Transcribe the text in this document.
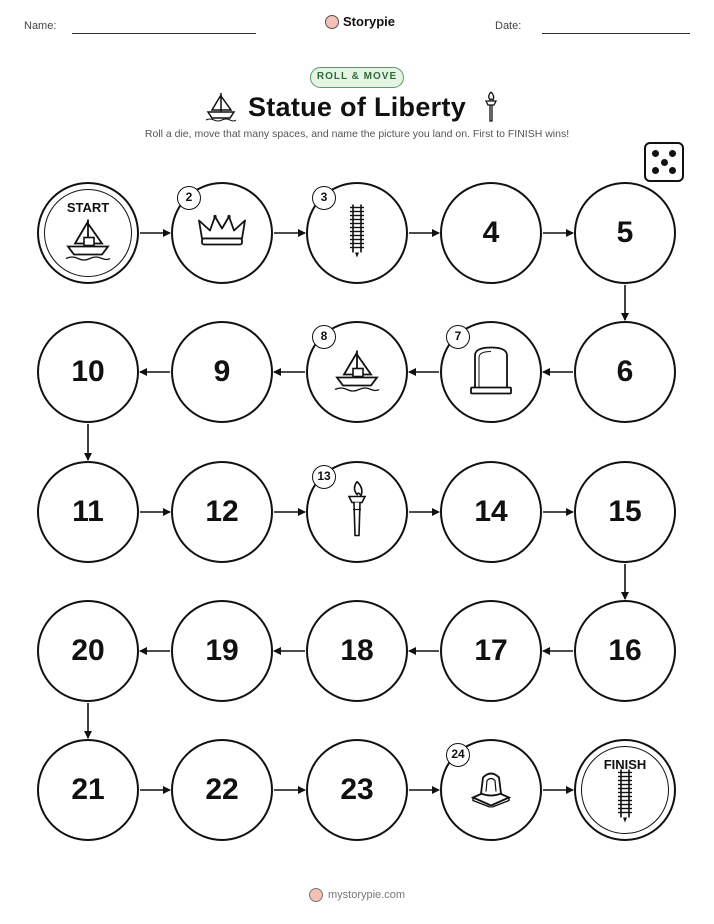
Name:	Storypie	Date:
ROLL & MOVE
Statue of Liberty
Roll a die, move that many spaces, and name the picture you land on. First to FINISH wins!
START
2	3
4	5
6
7
8
9
10
11	12
13
14	15
16
17
18
19
20
21	22	23
24
FINISH
mystorypie.com
